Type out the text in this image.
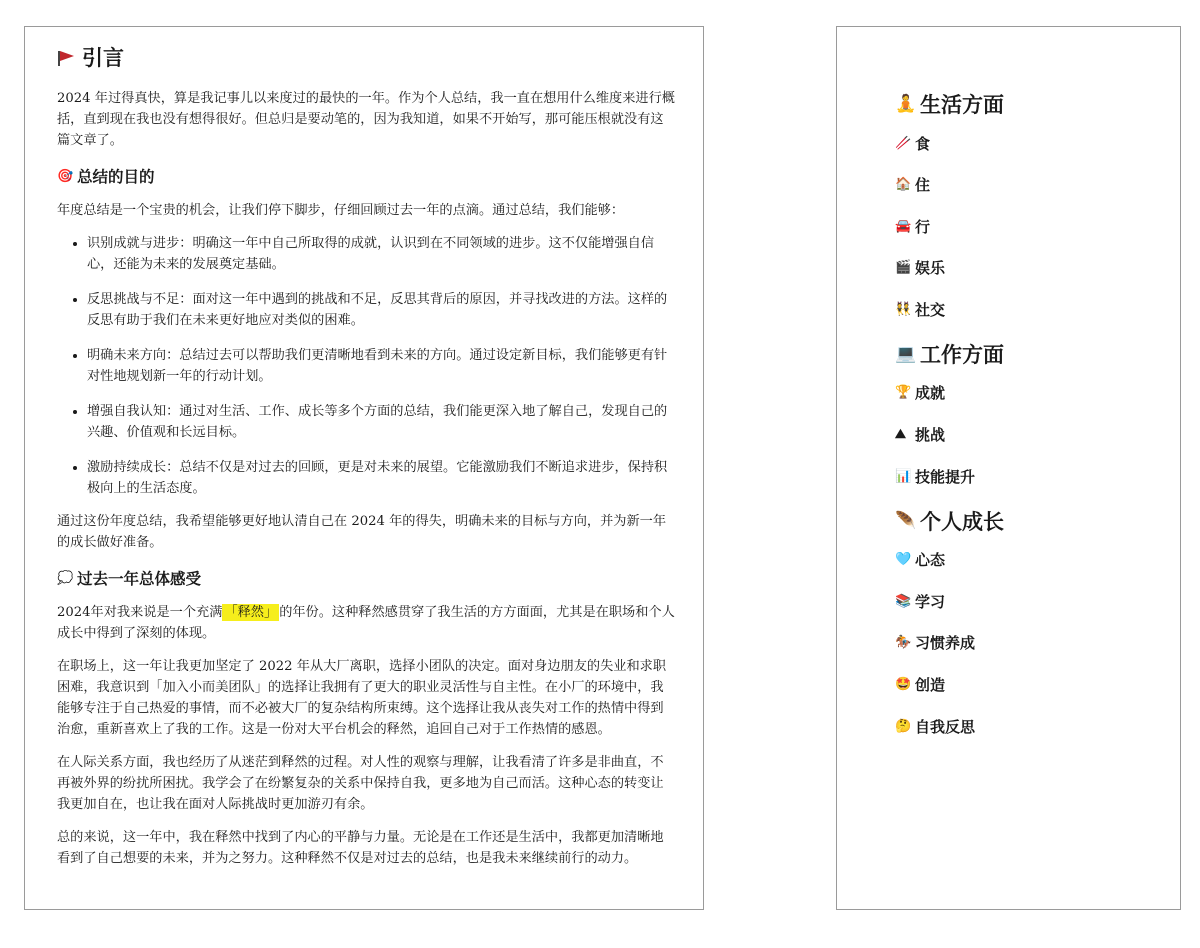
引言

2024 年过得真快，算是我记事儿以来度过的最快的一年。作为个人总结，我一直在想用什么维度来进行概括，直到现在我也没有想得很好。但总归是要动笔的，因为我知道，如果不开始写，那可能压根就没有这篇文章了。

🎯 总结的目的

年度总结是一个宝贵的机会，让我们停下脚步，仔细回顾过去一年的点滴。通过总结，我们能够：

• 识别成就与进步：明确这一年中自己所取得的成就，认识到在不同领域的进步。这不仅能增强自信心，还能为未来的发展奠定基础。
• 反思挑战与不足：面对这一年中遇到的挑战和不足，反思其背后的原因，并寻找改进的方法。这样的反思有助于我们在未来更好地应对类似的困难。
• 明确未来方向：总结过去可以帮助我们更清晰地看到未来的方向。通过设定新目标，我们能够更有针对性地规划新一年的行动计划。
• 增强自我认知：通过对生活、工作、成长等多个方面的总结，我们能更深入地了解自己，发现自己的兴趣、价值观和长远目标。
• 激励持续成长：总结不仅是对过去的回顾，更是对未来的展望。它能激励我们不断追求进步，保持积极向上的生活态度。

通过这份年度总结，我希望能够更好地认清自己在 2024 年的得失，明确未来的目标与方向，并为新一年的成长做好准备。

💭 过去一年总体感受

2024年对我来说是一个充满 「释然」 的年份。这种释然感贯穿了我生活的方方面面，尤其是在职场和个人成长中得到了深刻的体现。

在职场上，这一年让我更加坚定了 2022 年从大厂离职，选择小团队的决定。面对身边朋友的失业和求职困难，我意识到「加入小而美团队」的选择让我拥有了更大的职业灵活性与自主性。在小厂的环境中，我能够专注于自己热爱的事情，而不必被大厂的复杂结构所束缚。这个选择让我从丧失对工作的热情中得到治愈，重新喜欢上了我的工作。这是一份对大平台机会的释然，追回自己对于工作热情的感恩。

在人际关系方面，我也经历了从迷茫到释然的过程。对人性的观察与理解，让我看清了许多是非曲直，不再被外界的纷扰所困扰。我学会了在纷繁复杂的关系中保持自我，更多地为自己而活。这种心态的转变让我更加自在，也让我在面对人际挑战时更加游刃有余。

总的来说，这一年中，我在释然中找到了内心的平静与力量。无论是在工作还是生活中，我都更加清晰地看到了自己想要的未来，并为之努力。这种释然不仅是对过去的总结，也是我未来继续前行的动力。

🧘 生活方面
🥢 食
🏠 住
🚘 行
🎬 娱乐
👯 社交
💻 工作方面
🏆 成就
⛰ 挑战
📊 技能提升
🪶 个人成长
🩵 心态
📚 学习
🏇 习惯养成
🤩 创造
🤔 自我反思
